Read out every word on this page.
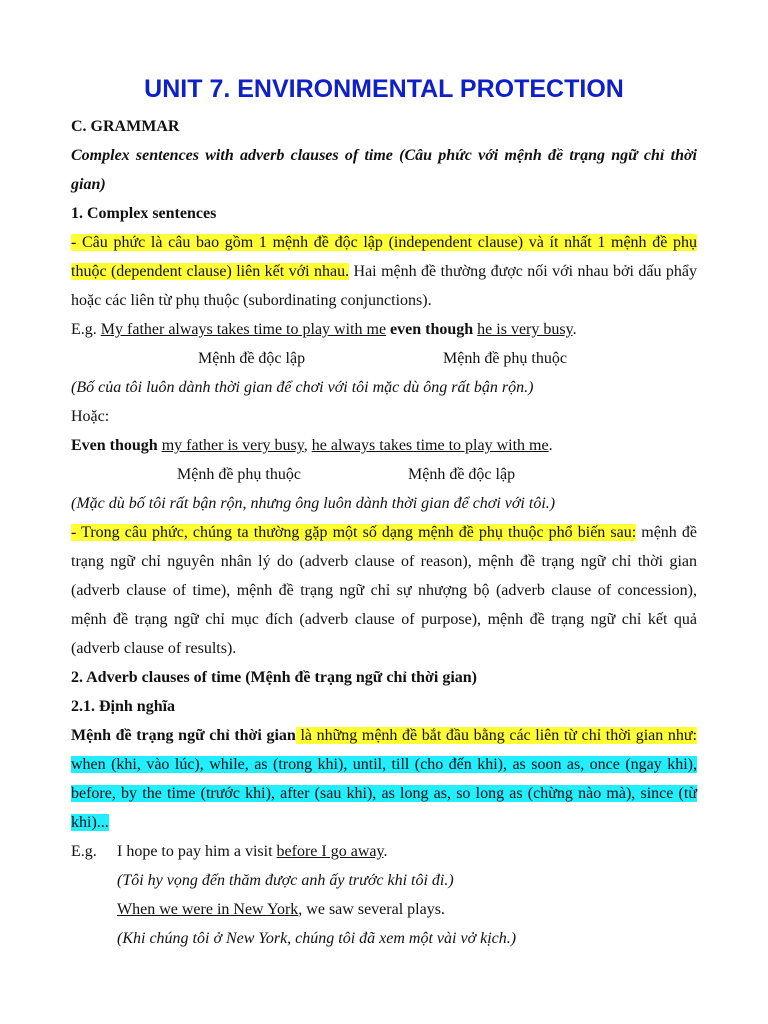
UNIT 7. ENVIRONMENTAL PROTECTION

C. GRAMMAR

Complex sentences with adverb clauses of time (Câu phức với mệnh đề trạng ngữ chỉ thời gian)

1. Complex sentences

- Câu phức là câu bao gồm 1 mệnh đề độc lập (independent clause) và ít nhất 1 mệnh đề phụ thuộc (dependent clause) liên kết với nhau. Hai mệnh đề thường được nối với nhau bởi dấu phẩy hoặc các liên từ phụ thuộc (subordinating conjunctions).

E.g. My father always takes time to play with me even though he is very busy.

Mệnh đề độc lập	Mệnh đề phụ thuộc

(Bố của tôi luôn dành thời gian để chơi với tôi mặc dù ông rất bận rộn.)

Hoặc:

Even though my father is very busy, he always takes time to play with me.

Mệnh đề phụ thuộc	Mệnh đề độc lập

(Mặc dù bố tôi rất bận rộn, nhưng ông luôn dành thời gian để chơi với tôi.)

- Trong câu phức, chúng ta thường gặp một số dạng mệnh đề phụ thuộc phổ biến sau: mệnh đề trạng ngữ chỉ nguyên nhân lý do (adverb clause of reason), mệnh đề trạng ngữ chỉ thời gian (adverb clause of time), mệnh đề trạng ngữ chỉ sự nhượng bộ (adverb clause of concession), mệnh đề trạng ngữ chỉ mục đích (adverb clause of purpose), mệnh đề trạng ngữ chỉ kết quả (adverb clause of results).

2. Adverb clauses of time (Mệnh đề trạng ngữ chỉ thời gian)

2.1. Định nghĩa

Mệnh đề trạng ngữ chỉ thời gian là những mệnh đề bắt đầu bằng các liên từ chỉ thời gian như: when (khi, vào lúc), while, as (trong khi), until, till (cho đến khi), as soon as, once (ngay khi), before, by the time (trước khi), after (sau khi), as long as, so long as (chừng nào mà), since (từ khi)...

E.g. I hope to pay him a visit before I go away.

(Tôi hy vọng đến thăm được anh ấy trước khi tôi đi.)

When we were in New York, we saw several plays.

(Khi chúng tôi ở New York, chúng tôi đã xem một vài vở kịch.)
